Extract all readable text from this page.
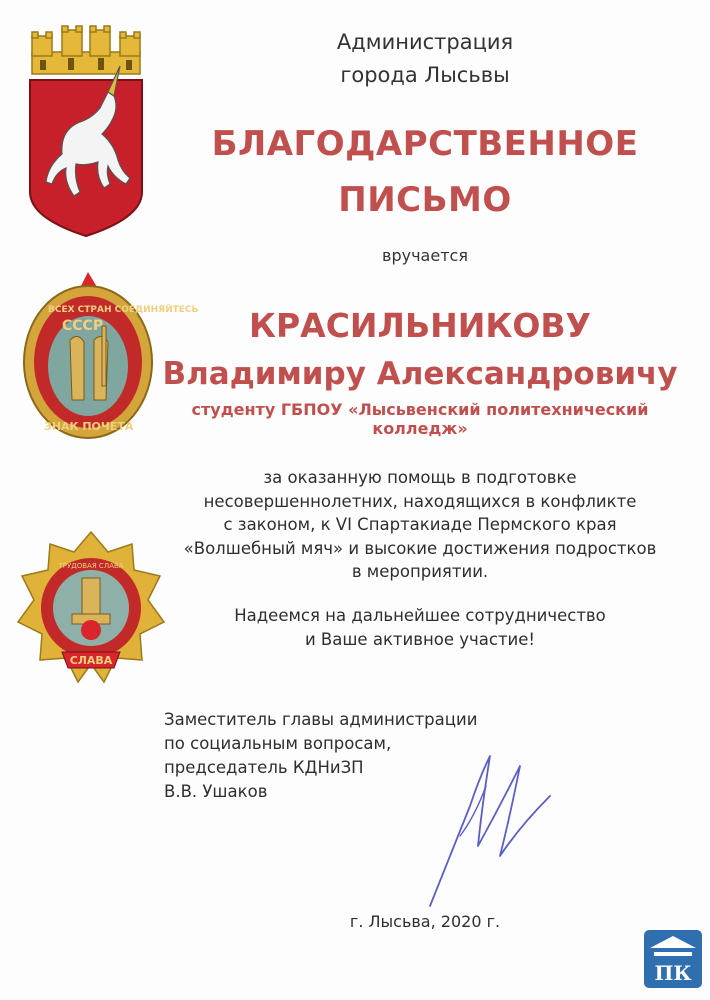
ВСЕХ СТРАН СОЕДИНЯЙТЕСЬ
СССР
ЗНАК ПОЧЕТА
СЛАВА
ТРУДОВАЯ СЛАВА
Администрация
города Лысьвы
БЛАГОДАРСТВЕННОЕ
ПИСЬМО
вручается
КРАСИЛЬНИКОВУ
Владимиру Александровичу
студенту ГБПОУ «Лысьвенский политехнический колледж»
за оказанную помощь в подготовке
несовершеннолетних, находящихся в конфликте
с законом, к VI Спартакиаде Пермского края
«Волшебный мяч» и высокие достижения подростков
в мероприятии.
Надеемся на дальнейшее сотрудничество
и Ваше активное участие!
Заместитель главы администрации
по социальным вопросам,
председатель КДНиЗП
В.В. Ушаков
г. Лысьва, 2020 г.
ПК
